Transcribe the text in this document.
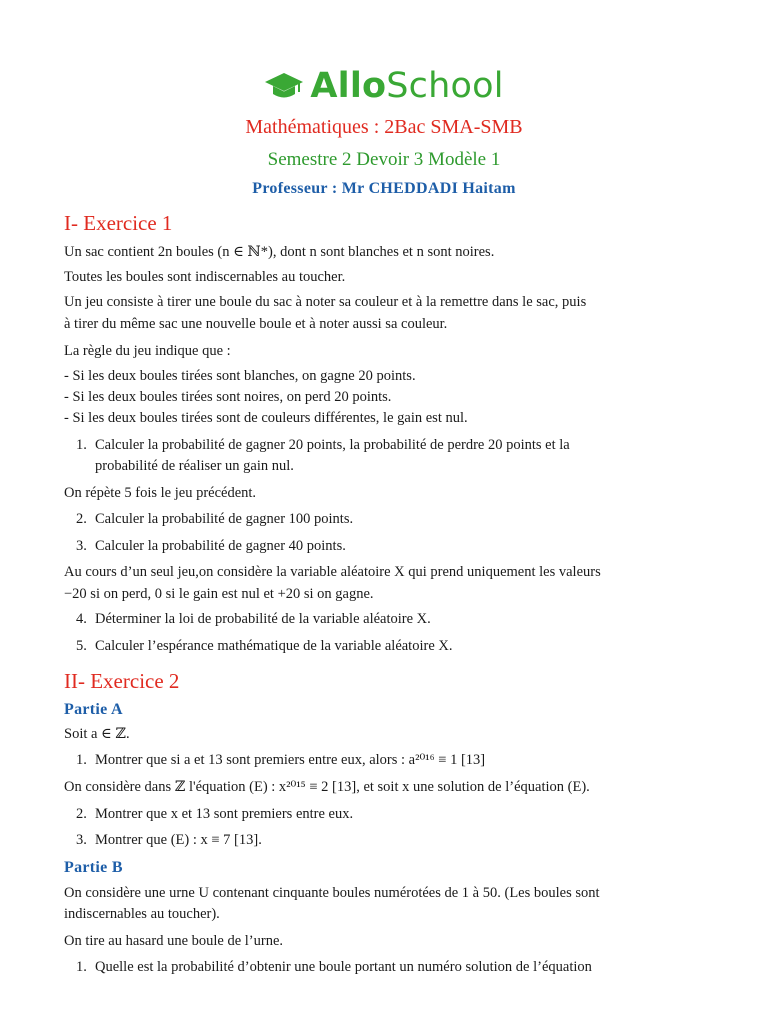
AlloSchool
Mathématiques : 2Bac SMA-SMB
Semestre 2 Devoir 3 Modèle 1
Professeur : Mr CHEDDADI Haitam
I- Exercice 1
Un sac contient 2n boules (n ∈ ℕ*), dont n sont blanches et n sont noires.
Toutes les boules sont indiscernables au toucher.
Un jeu consiste à tirer une boule du sac à noter sa couleur et à la remettre dans le sac, puis
à tirer du même sac une nouvelle boule et à noter aussi sa couleur.
La règle du jeu indique que :
- Si les deux boules tirées sont blanches, on gagne 20 points.
- Si les deux boules tirées sont noires, on perd 20 points.
- Si les deux boules tirées sont de couleurs différentes, le gain est nul.
1. Calculer la probabilité de gagner 20 points, la probabilité de perdre 20 points et la
probabilité de réaliser un gain nul.
On répète 5 fois le jeu précédent.
2. Calculer la probabilité de gagner 100 points.
3. Calculer la probabilité de gagner 40 points.
Au cours d’un seul jeu,on considère la variable aléatoire X qui prend uniquement les valeurs
−20 si on perd, 0 si le gain est nul et +20 si on gagne.
4. Déterminer la loi de probabilité de la variable aléatoire X.
5. Calculer l’espérance mathématique de la variable aléatoire X.
II- Exercice 2
Partie A
Soit a ∈ ℤ.
1. Montrer que si a et 13 sont premiers entre eux, alors : a²⁰¹⁶ ≡ 1 [13]
On considère dans ℤ l'équation (E) : x²⁰¹⁵ ≡ 2 [13], et soit x une solution de l’équation (E).
2. Montrer que x et 13 sont premiers entre eux.
3. Montrer que (E) : x ≡ 7 [13].
Partie B
On considère une urne U contenant cinquante boules numérotées de 1 à 50. (Les boules sont
indiscernables au toucher).
On tire au hasard une boule de l’urne.
1. Quelle est la probabilité d’obtenir une boule portant un numéro solution de l’équation
